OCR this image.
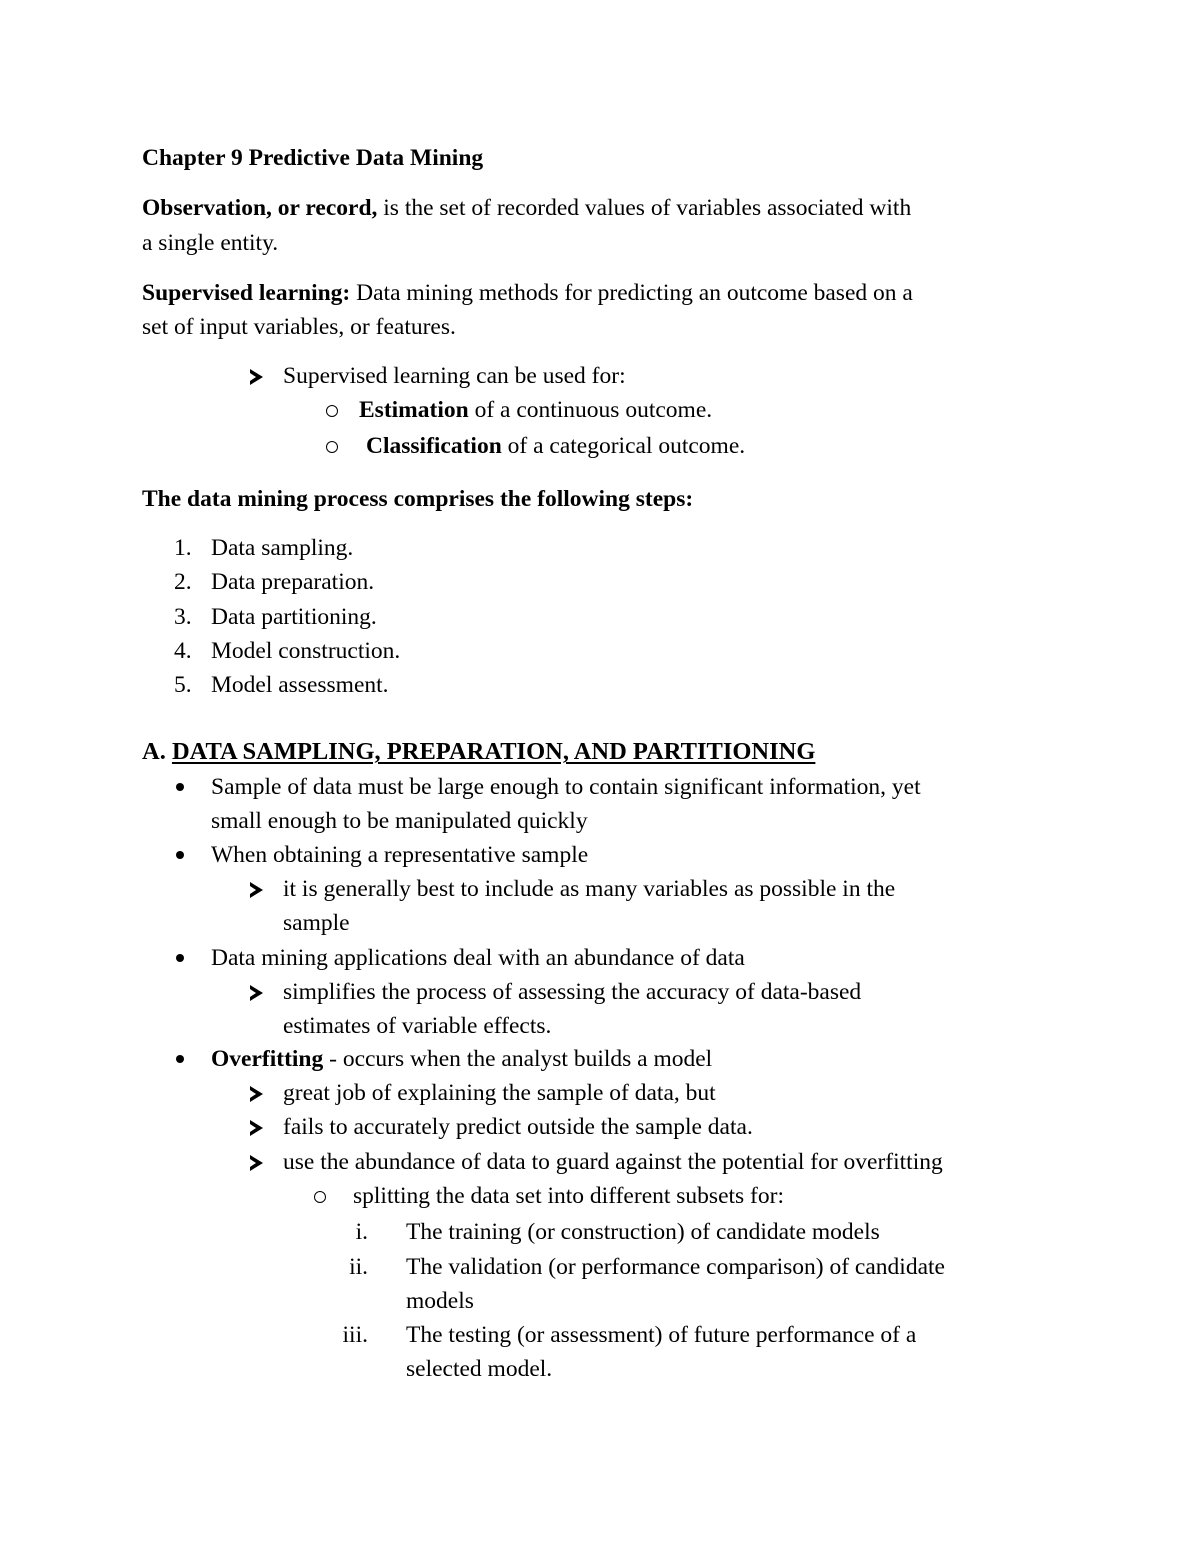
Chapter 9 Predictive Data Mining
Observation, or record, is the set of recorded values of variables associated with
a single entity.
Supervised learning: Data mining methods for predicting an outcome based on a
set of input variables, or features.
Supervised learning can be used for:
Estimation of a continuous outcome.
Classification of a categorical outcome.
The data mining process comprises the following steps:
1. Data sampling.
2. Data preparation.
3. Data partitioning.
4. Model construction.
5. Model assessment.
A. DATA SAMPLING, PREPARATION, AND PARTITIONING
Sample of data must be large enough to contain significant information, yet
small enough to be manipulated quickly
When obtaining a representative sample
it is generally best to include as many variables as possible in the
sample
Data mining applications deal with an abundance of data
simplifies the process of assessing the accuracy of data-based
estimates of variable effects.
Overfitting - occurs when the analyst builds a model
great job of explaining the sample of data, but
fails to accurately predict outside the sample data.
use the abundance of data to guard against the potential for overfitting
splitting the data set into different subsets for:
i. The training (or construction) of candidate models
ii. The validation (or performance comparison) of candidate
models
iii. The testing (or assessment) of future performance of a
selected model.
